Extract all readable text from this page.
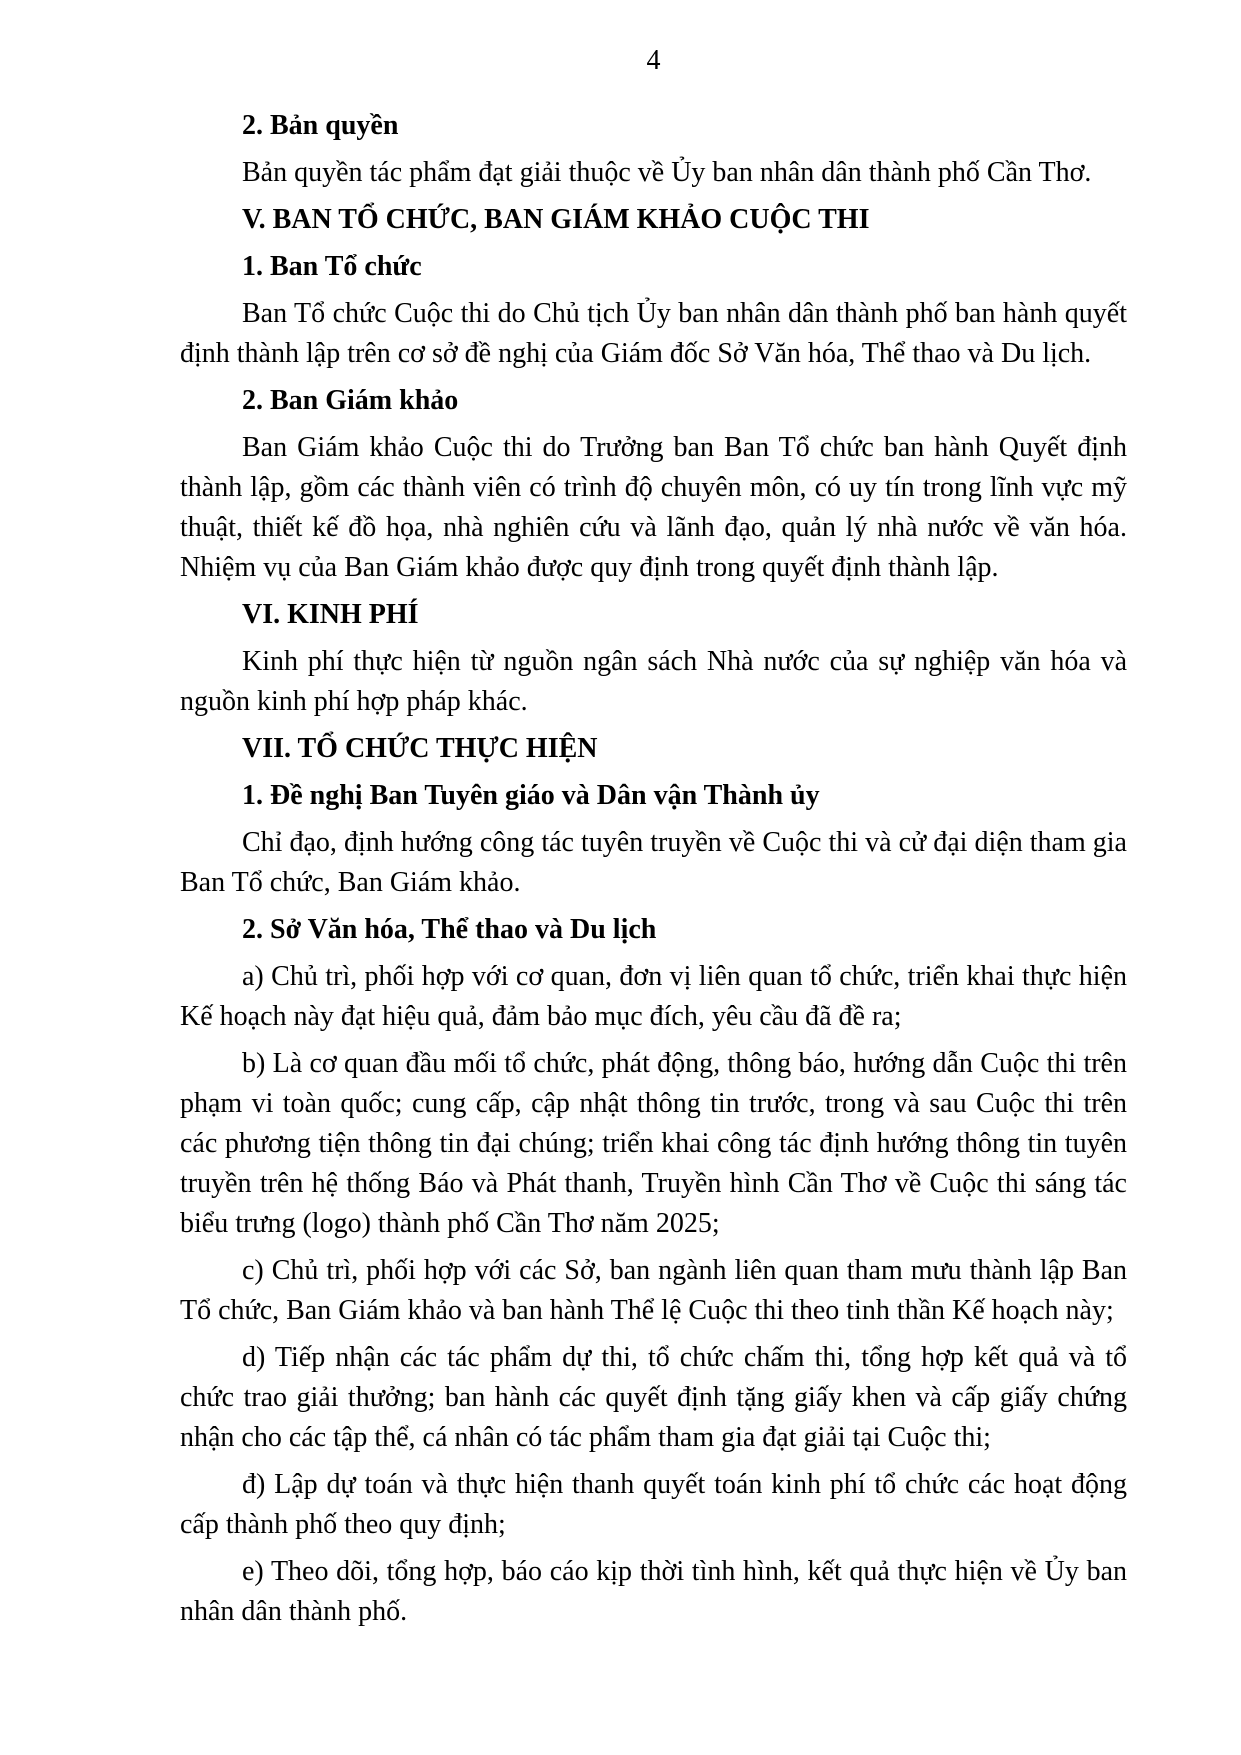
4
2. Bản quyền
Bản quyền tác phẩm đạt giải thuộc về Ủy ban nhân dân thành phố Cần Thơ.
V. BAN TỔ CHỨC, BAN GIÁM KHẢO CUỘC THI
1. Ban Tổ chức
Ban Tổ chức Cuộc thi do Chủ tịch Ủy ban nhân dân thành phố ban hành quyết định thành lập trên cơ sở đề nghị của Giám đốc Sở Văn hóa, Thể thao và Du lịch.
2. Ban Giám khảo
Ban Giám khảo Cuộc thi do Trưởng ban Ban Tổ chức ban hành Quyết định thành lập, gồm các thành viên có trình độ chuyên môn, có uy tín trong lĩnh vực mỹ thuật, thiết kế đồ họa, nhà nghiên cứu và lãnh đạo, quản lý nhà nước về văn hóa. Nhiệm vụ của Ban Giám khảo được quy định trong quyết định thành lập.
VI. KINH PHÍ
Kinh phí thực hiện từ nguồn ngân sách Nhà nước của sự nghiệp văn hóa và nguồn kinh phí hợp pháp khác.
VII. TỔ CHỨC THỰC HIỆN
1. Đề nghị Ban Tuyên giáo và Dân vận Thành ủy
Chỉ đạo, định hướng công tác tuyên truyền về Cuộc thi và cử đại diện tham gia Ban Tổ chức, Ban Giám khảo.
2. Sở Văn hóa, Thể thao và Du lịch
a) Chủ trì, phối hợp với cơ quan, đơn vị liên quan tổ chức, triển khai thực hiện Kế hoạch này đạt hiệu quả, đảm bảo mục đích, yêu cầu đã đề ra;
b) Là cơ quan đầu mối tổ chức, phát động, thông báo, hướng dẫn Cuộc thi trên phạm vi toàn quốc; cung cấp, cập nhật thông tin trước, trong và sau Cuộc thi trên các phương tiện thông tin đại chúng; triển khai công tác định hướng thông tin tuyên truyền trên hệ thống Báo và Phát thanh, Truyền hình Cần Thơ về Cuộc thi sáng tác biểu trưng (logo) thành phố Cần Thơ năm 2025;
c) Chủ trì, phối hợp với các Sở, ban ngành liên quan tham mưu thành lập Ban Tổ chức, Ban Giám khảo và ban hành Thể lệ Cuộc thi theo tinh thần Kế hoạch này;
d) Tiếp nhận các tác phẩm dự thi, tổ chức chấm thi, tổng hợp kết quả và tổ chức trao giải thưởng; ban hành các quyết định tặng giấy khen và cấp giấy chứng nhận cho các tập thể, cá nhân có tác phẩm tham gia đạt giải tại Cuộc thi;
đ) Lập dự toán và thực hiện thanh quyết toán kinh phí tổ chức các hoạt động cấp thành phố theo quy định;
e) Theo dõi, tổng hợp, báo cáo kịp thời tình hình, kết quả thực hiện về Ủy ban nhân dân thành phố.
